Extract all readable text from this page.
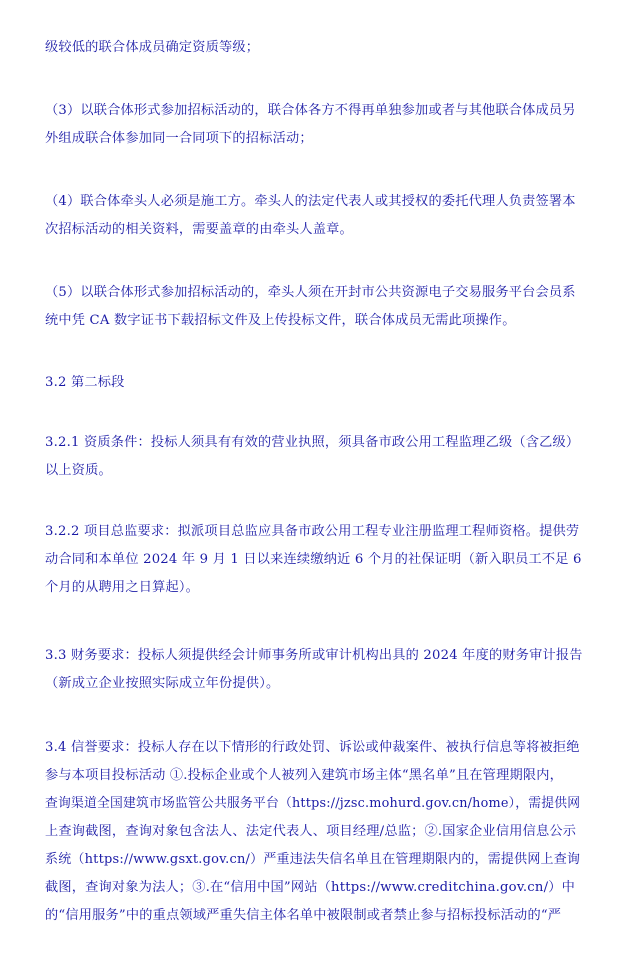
级较低的联合体成员确定资质等级；

（3）以联合体形式参加招标活动的，联合体各方不得再单独参加或者与其他联合体成员另
外组成联合体参加同一合同项下的招标活动；

（4）联合体牵头人必须是施工方。牵头人的法定代表人或其授权的委托代理人负责签署本
次招标活动的相关资料，需要盖章的由牵头人盖章。

（5）以联合体形式参加招标活动的，牵头人须在开封市公共资源电子交易服务平台会员系
统中凭 CA 数字证书下载招标文件及上传投标文件，联合体成员无需此项操作。

3.2 第二标段

3.2.1 资质条件：投标人须具有有效的营业执照，须具备市政公用工程监理乙级（含乙级）
以上资质。

3.2.2 项目总监要求：拟派项目总监应具备市政公用工程专业注册监理工程师资格。提供劳
动合同和本单位 2024 年 9 月 1 日以来连续缴纳近 6 个月的社保证明（新入职员工不足 6
个月的从聘用之日算起）。

3.3 财务要求：投标人须提供经会计师事务所或审计机构出具的 2024 年度的财务审计报告
（新成立企业按照实际成立年份提供）。

3.4 信誉要求：投标人存在以下情形的行政处罚、诉讼或仲裁案件、被执行信息等将被拒绝
参与本项目投标活动 ①.投标企业或个人被列入建筑市场主体“黑名单”且在管理期限内，
查询渠道全国建筑市场监管公共服务平台（https://jzsc.mohurd.gov.cn/home），需提供网
上查询截图，查询对象包含法人、法定代表人、项目经理/总监；②.国家企业信用信息公示
系统（https://www.gsxt.gov.cn/）严重违法失信名单且在管理期限内的，需提供网上查询
截图，查询对象为法人；③.在“信用中国”网站（https://www.creditchina.gov.cn/）中
的“信用服务”中的重点领域严重失信主体名单中被限制或者禁止参与招标投标活动的“严
